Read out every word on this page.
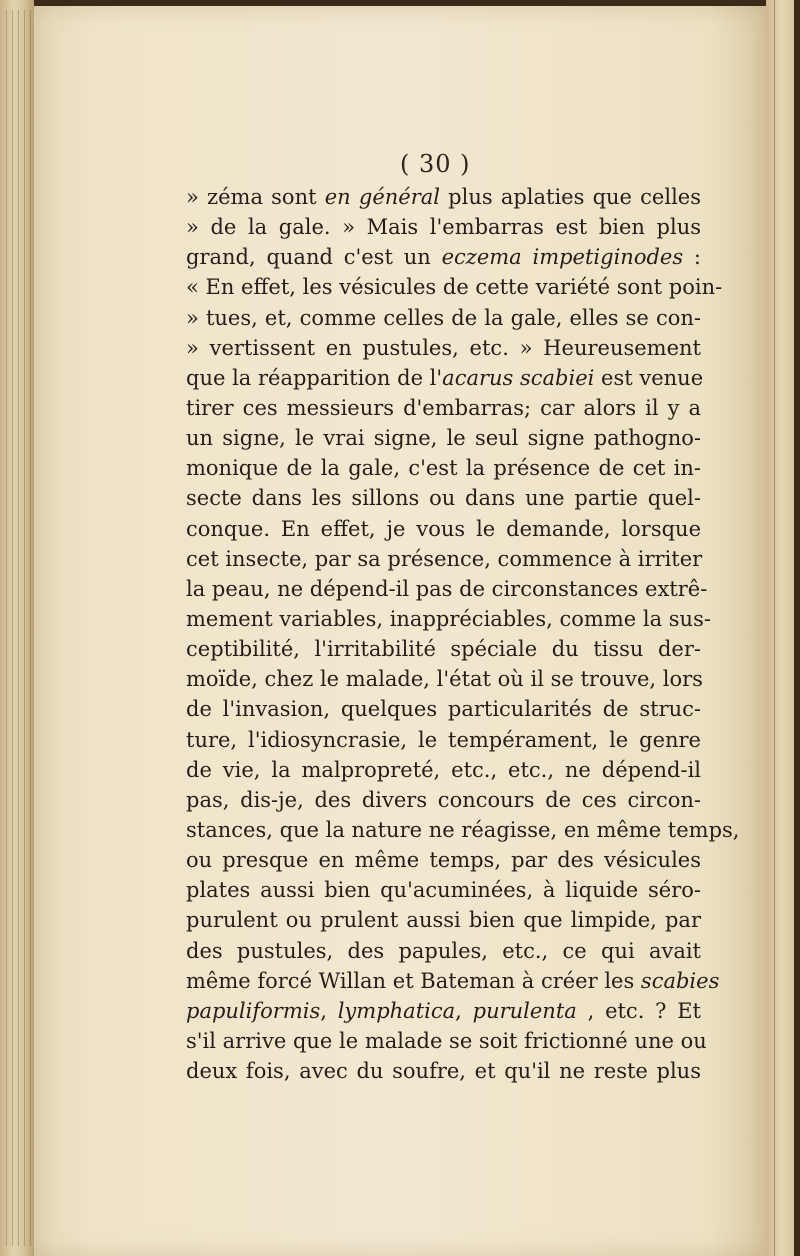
( 30 )
» zéma sont en général plus aplaties que celles
» de la gale. » Mais l'embarras est bien plus
grand, quand c'est un eczema impetiginodes :
« En effet, les vésicules de cette variété sont poin-
» tues, et, comme celles de la gale, elles se con-
» vertissent en pustules, etc. » Heureusement
que la réapparition de l'acarus scabiei est venue
tirer ces messieurs d'embarras; car alors il y a
un signe, le vrai signe, le seul signe pathogno-
monique de la gale, c'est la présence de cet in-
secte dans les sillons ou dans une partie quel-
conque. En effet, je vous le demande, lorsque
cet insecte, par sa présence, commence à irriter
la peau, ne dépend-il pas de circonstances extrê-
mement variables, inappréciables, comme la sus-
ceptibilité, l'irritabilité spéciale du tissu der-
moïde, chez le malade, l'état où il se trouve, lors
de l'invasion, quelques particularités de struc-
ture, l'idiosyncrasie, le tempérament, le genre
de vie, la malpropreté, etc., etc., ne dépend-il
pas, dis-je, des divers concours de ces circon-
stances, que la nature ne réagisse, en même temps,
ou presque en même temps, par des vésicules
plates aussi bien qu'acuminées, à liquide séro-
purulent ou prulent aussi bien que limpide, par
des pustules, des papules, etc., ce qui avait
même forcé Willan et Bateman à créer les scabies
papuliformis, lymphatica, purulenta , etc. ? Et
s'il arrive que le malade se soit frictionné une ou
deux fois, avec du soufre, et qu'il ne reste plus
